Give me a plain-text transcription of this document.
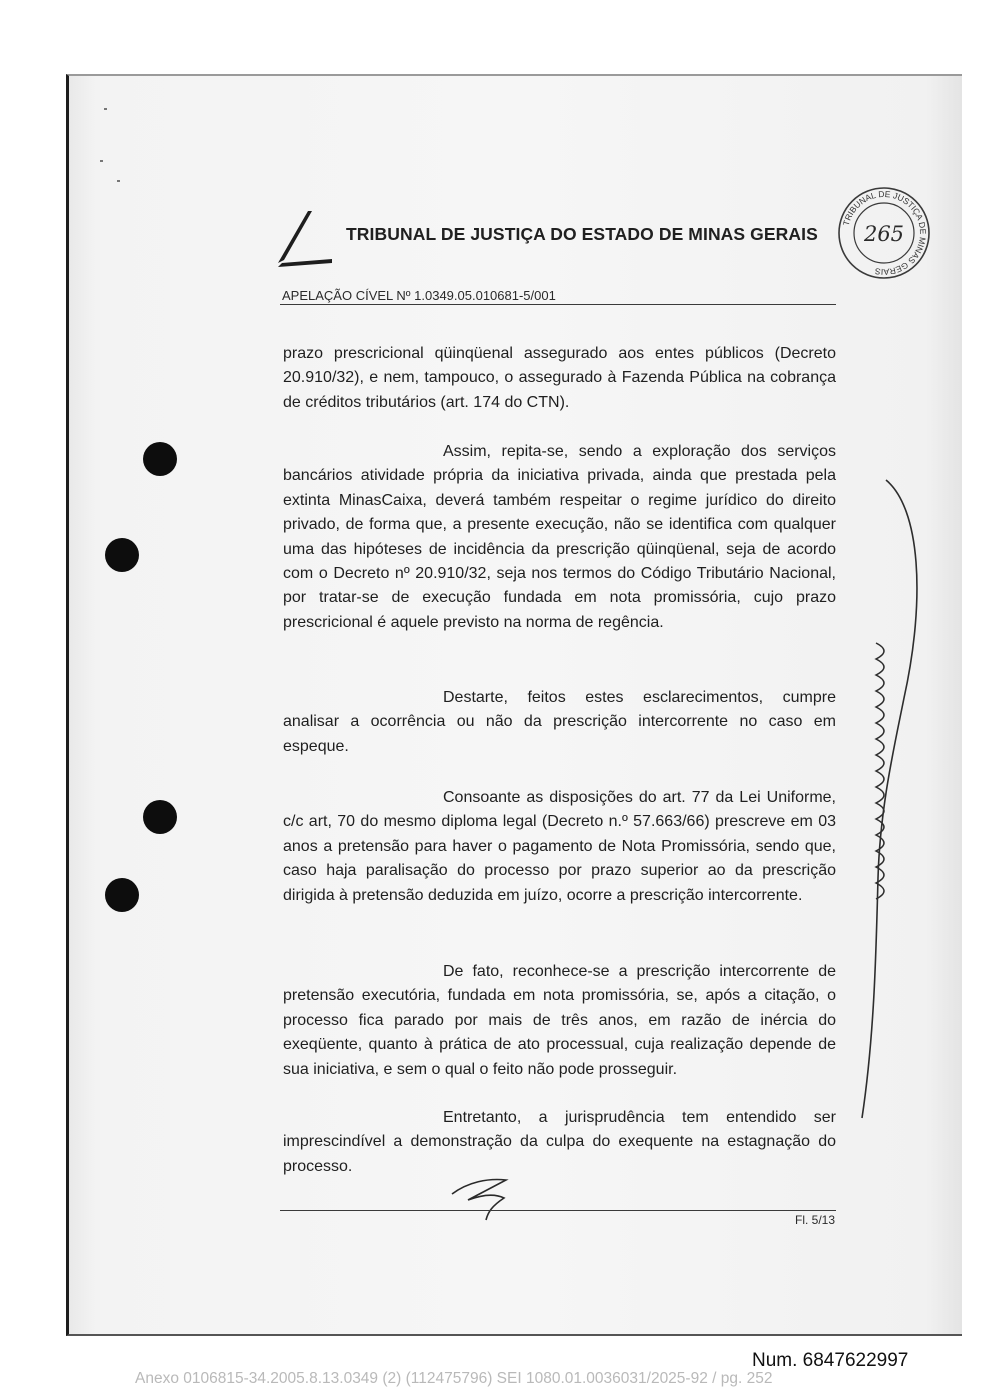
TRIBUNAL DE JUSTIÇA DO ESTADO DE MINAS GERAIS
TRIBUNAL DE JUSTIÇA DE MINAS GERAIS
265
APELAÇÃO CÍVEL Nº 1.0349.05.010681-5/001

prazo prescricional qüinqüenal assegurado aos entes públicos (Decreto 20.910/32), e nem, tampouco, o assegurado à Fazenda Pública na cobrança de créditos tributários (art. 174 do CTN).

Assim, repita-se, sendo a exploração dos serviços bancários atividade própria da iniciativa privada, ainda que prestada pela extinta MinasCaixa, deverá também respeitar o regime jurídico do direito privado, de forma que, a presente execução, não se identifica com qualquer uma das hipóteses de incidência da prescrição qüinqüenal, seja de acordo com o Decreto nº 20.910/32, seja nos termos do Código Tributário Nacional, por tratar-se de execução fundada em nota promissória, cujo prazo prescricional é aquele previsto na norma de regência.

Destarte, feitos estes esclarecimentos, cumpre analisar a ocorrência ou não da prescrição intercorrente no caso em espeque.

Consoante as disposições do art. 77 da Lei Uniforme, c/c art, 70 do mesmo diploma legal (Decreto n.º 57.663/66) prescreve em 03 anos a pretensão para haver o pagamento de Nota Promissória, sendo que, caso haja paralisação do processo por prazo superior ao da prescrição dirigida à pretensão deduzida em juízo, ocorre a prescrição intercorrente.

De fato, reconhece-se a prescrição intercorrente de pretensão executória, fundada em nota promissória, se, após a citação, o processo fica parado por mais de três anos, em razão de inércia do exeqüente, quanto à prática de ato processual, cuja realização depende de sua iniciativa, e sem o qual o feito não pode prosseguir.

Entretanto, a jurisprudência tem entendido ser imprescindível a demonstração da culpa do exequente na estagnação do processo.

Fl. 5/13
Num. 6847622997
Anexo 0106815-34.2005.8.13.0349 (2) (112475796) SEI 1080.01.0036031/2025-92 / pg. 252
